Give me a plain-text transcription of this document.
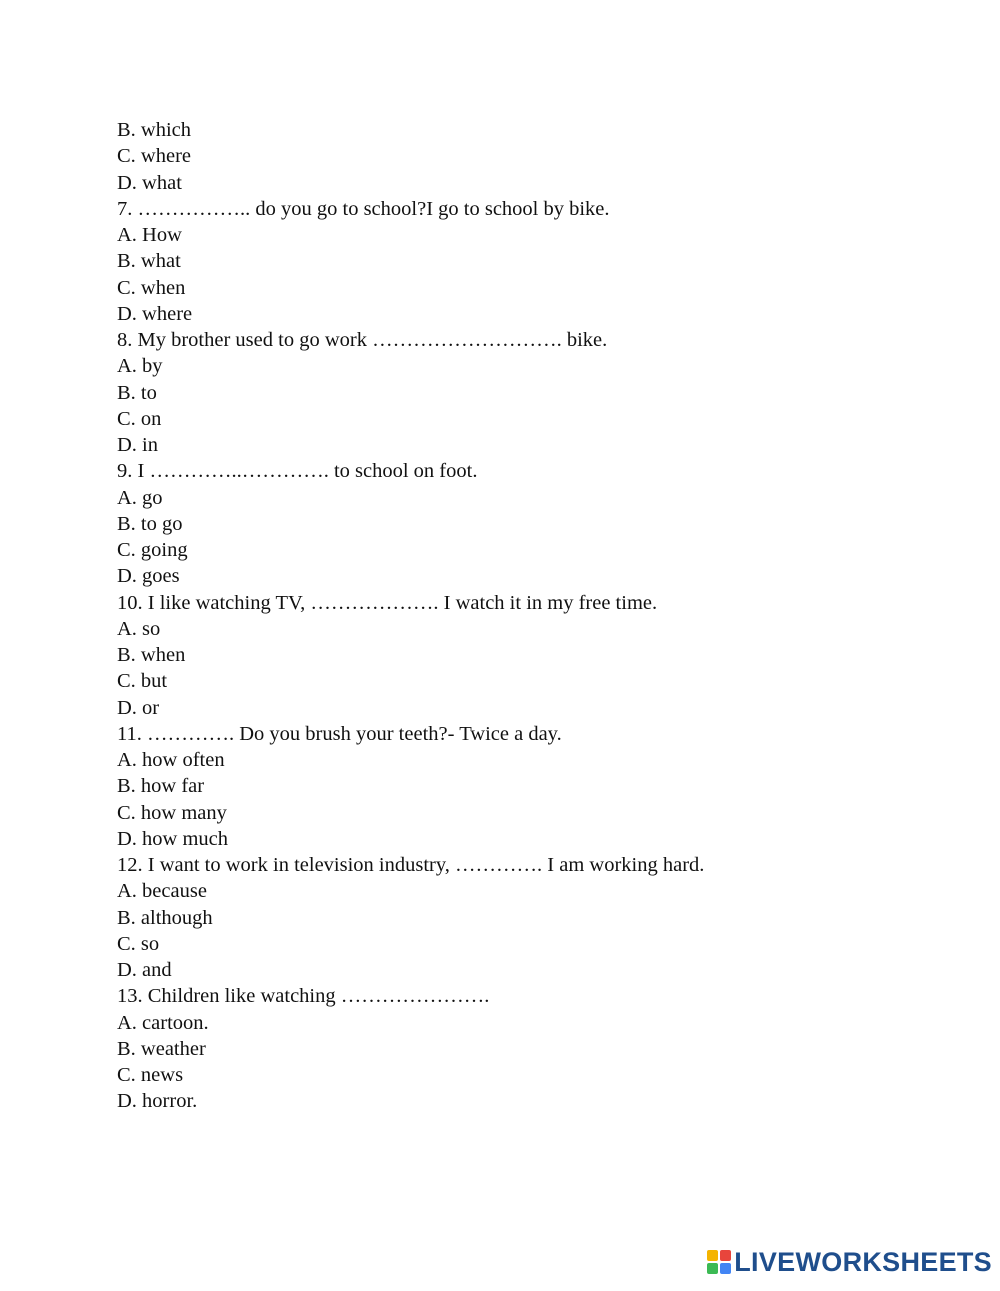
B. which
C. where
D. what
7. …………….. do you go to school?I go to school by bike.
A. How
B. what
C. when
D. where
8. My brother used to go work ………………………. bike.
A. by
B. to
C. on
D. in
9. I …………..…………. to school on foot.
A. go
B. to go
C. going
D. goes
10. I like watching TV, ………………. I watch it in my free time.
A. so
B. when
C. but
D. or
11. …………. Do you brush your teeth?- Twice a day.
A. how often
B. how far
C. how many
D. how much
12. I want to work in television industry, …………. I am working hard.
A. because
B. although
C. so
D. and
13. Children like watching ………………….
A. cartoon.
B. weather
C. news
D. horror.
LIVEWORKSHEETS
